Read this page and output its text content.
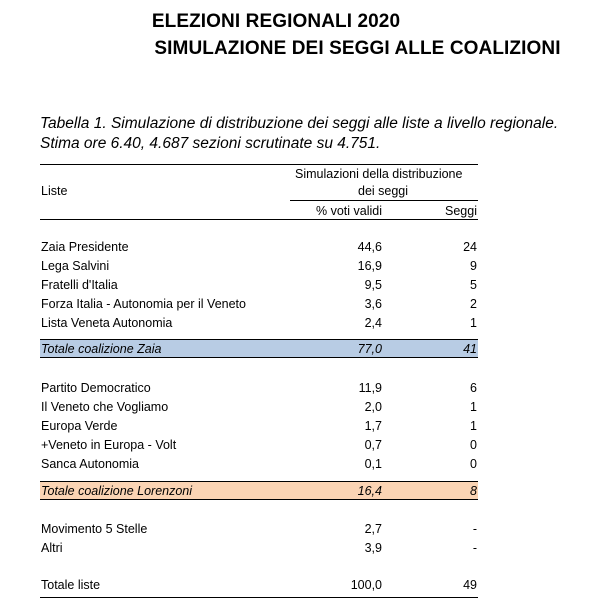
ELEZIONI REGIONALI 2020
SIMULAZIONE DEI SEGGI ALLE COALIZIONI
Tabella 1. Simulazione di distribuzione dei seggi alle liste a livello regionale.
Stima ore 6.40, 4.687 sezioni scrutinate su 4.751.
Simulazioni della distribuzione
dei seggi
Liste
% voti validi	Seggi
Zaia Presidente	44,6	24
Lega Salvini	16,9	9
Fratelli d'Italia	9,5	5
Forza Italia - Autonomia per il Veneto	3,6	2
Lista Veneta Autonomia	2,4	1
Totale coalizione Zaia	77,0	41
Partito Democratico	11,9	6
Il Veneto che Vogliamo	2,0	1
Europa Verde	1,7	1
+Veneto in Europa - Volt	0,7	0
Sanca Autonomia	0,1	0
Totale coalizione Lorenzoni	16,4	8
Movimento 5 Stelle	2,7	-
Altri	3,9	-
Totale liste	100,0	49
